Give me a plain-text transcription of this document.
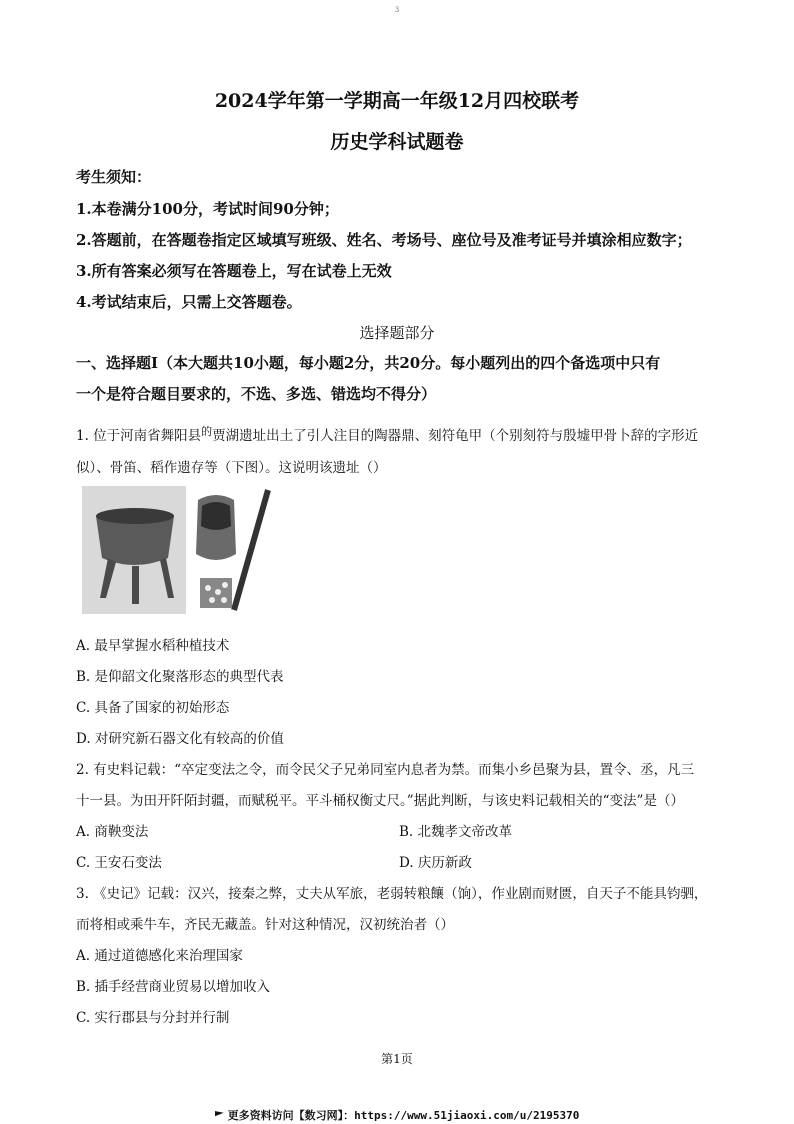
3
2024学年第一学期高一年级12月四校联考
历史学科试题卷
考生须知：
1.本卷满分100分，考试时间90分钟；
2.答题前，在答题卷指定区域填写班级、姓名、考场号、座位号及准考证号并填涂相应数字；
3.所有答案必须写在答题卷上，写在试卷上无效
4.考试结束后，只需上交答题卷。
选择题部分
一、选择题Ⅰ（本大题共10小题，每小题2分，共20分。每小题列出的四个备选项中只有
一个是符合题目要求的，不选、多选、错选均不得分）
1. 位于河南省舞阳县$^的$贾湖遗址出土了引人注目的陶器鼎、刻符龟甲（个别刻符与殷墟甲骨卜辞的字形近
似）、骨笛、稻作遗存等（下图）。这说明该遗址（）
A. 最早掌握水稻种植技术
B. 是仰韶文化聚落形态的典型代表
C. 具备了国家的初始形态
D. 对研究新石器文化有较高的价值
2. 有史料记载：“卒定变法之令，而令民父子兄弟同室内息者为禁。而集小乡邑聚为县，置令、丞，凡三
十一县。为田开阡陌封疆，而赋税平。平斗桶权衡丈尺。”据此判断，与该史料记载相关的“变法”是（）
A. 商鞅变法	B. 北魏孝文帝改革
C. 王安石变法	D. 庆历新政
3. 《史记》记载：汉兴，接秦之弊，丈夫从军旅，老弱转粮饟（饷），作业剧而财匮，自天子不能具钧驷，
而将相或乘牛车，齐民无藏盖。针对这种情况，汉初统治者（）
A. 通过道德感化来治理国家
B. 插手经营商业贸易以增加收入
C. 实行郡县与分封并行制
第1页
更多资料访问【数习网】：https://www.51jiaoxi.com/u/2195370
